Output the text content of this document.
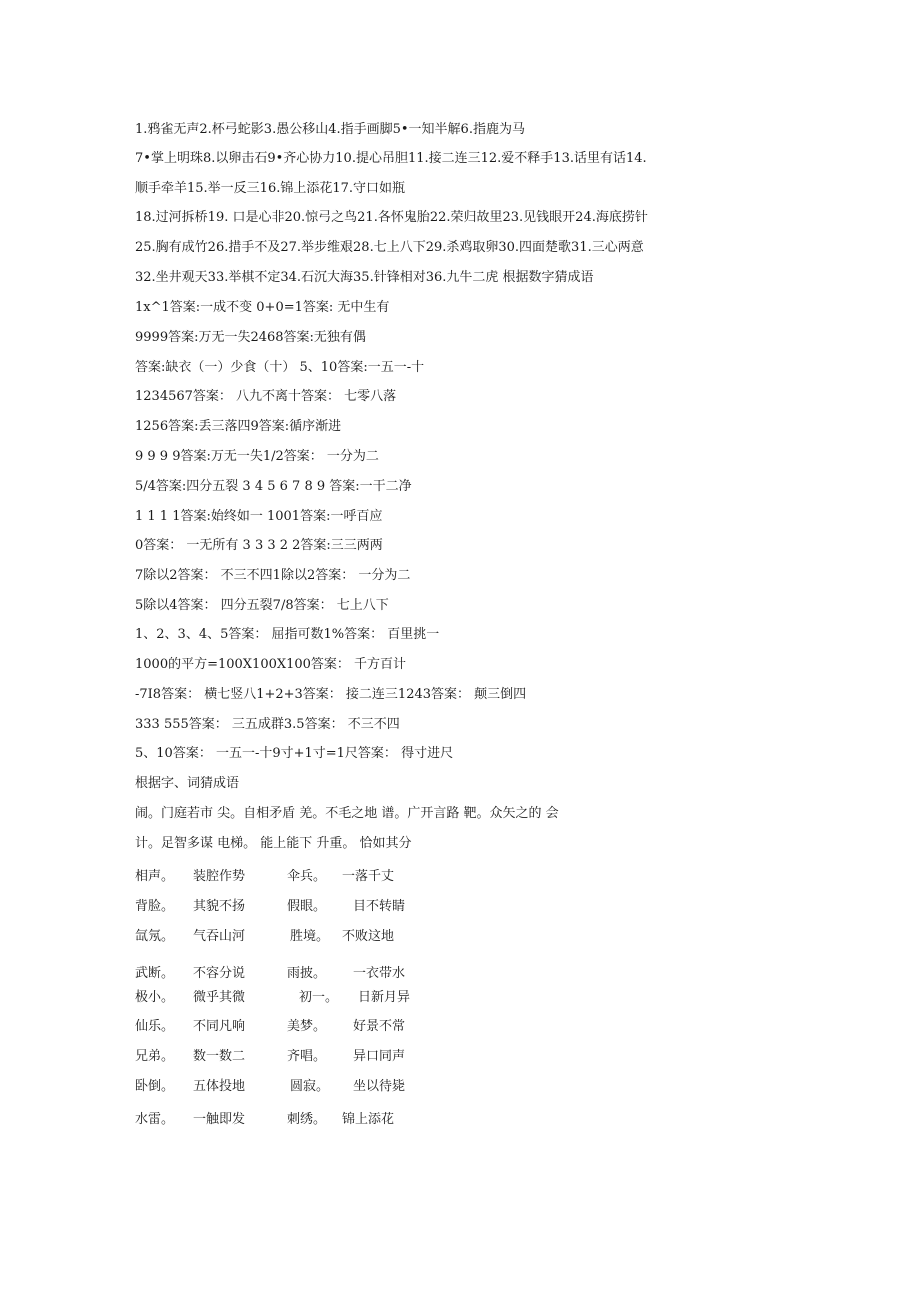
1.鸦雀无声2.杯弓蛇影3.愚公移山4.指手画脚5•一知半解6.指鹿为马
7•掌上明珠8.以卵击石9•齐心协力10.提心吊胆11.接二连三12.爱不释手13.话里有话14.
顺手牵羊15.举一反三16.锦上添花17.守口如瓶
18.过河拆桥19. 口是心非20.惊弓之鸟21.各怀鬼胎22.荣归故里23.见钱眼开24.海底捞针
25.胸有成竹26.措手不及27.举步维艰28.七上八下29.杀鸡取卵30.四面楚歌31.三心两意
32.坐井观天33.举棋不定34.石沉大海35.针锋相对36.九牛二虎 根据数字猜成语
1x^1答案:一成不变 0+0=1答案: 无中生有
9999答案:万无一失2468答案:无独有偶
答案:缺衣（一）少食（十） 5、10答案:一五一-十
1234567答案： 八九不离十答案： 七零八落
1256答案:丢三落四9答案:循序渐进
9 9 9 9答案:万无一失1/2答案： 一分为二
5/4答案:四分五裂 3 4 5 6 7 8 9 答案:一干二净
1 1 1 1答案:始终如一 1001答案:一呼百应
0答案： 一无所有 3 3 3 2 2答案:三三两两
7除以2答案： 不三不四1除以2答案： 一分为二
5除以4答案： 四分五裂7/8答案： 七上八下
1、2、3、4、5答案： 屈指可数1%答案： 百里挑一
1000的平方=100X100X100答案： 千方百计
-7I8答案： 横七竖八1+2+3答案： 接二连三1243答案： 颠三倒四
333 555答案： 三五成群3.5答案： 不三不四
5、10答案： 一五一-十9寸+1寸=1尺答案： 得寸进尺
根据字、词猜成语
闹。门庭若市 尖。自相矛盾 羌。不毛之地 谱。广开言路 靶。众矢之的 会
计。足智多谋 电梯。 能上能下 升重。 恰如其分
相声。 装腔作势	伞兵。 一落千丈
背脸。 其貌不扬	假眼。 目不转睛
氙氖。 气吞山河	胜境。 不败这地
武断。 不容分说	雨披。 一衣带水
极小。 微乎其微	初一。 日新月异
仙乐。 不同凡响	美梦。 好景不常
兄弟。 数一数二	齐唱。 异口同声
卧倒。 五体投地	圆寂。 坐以待毙
水雷。 一触即发	刺绣。 锦上添花
